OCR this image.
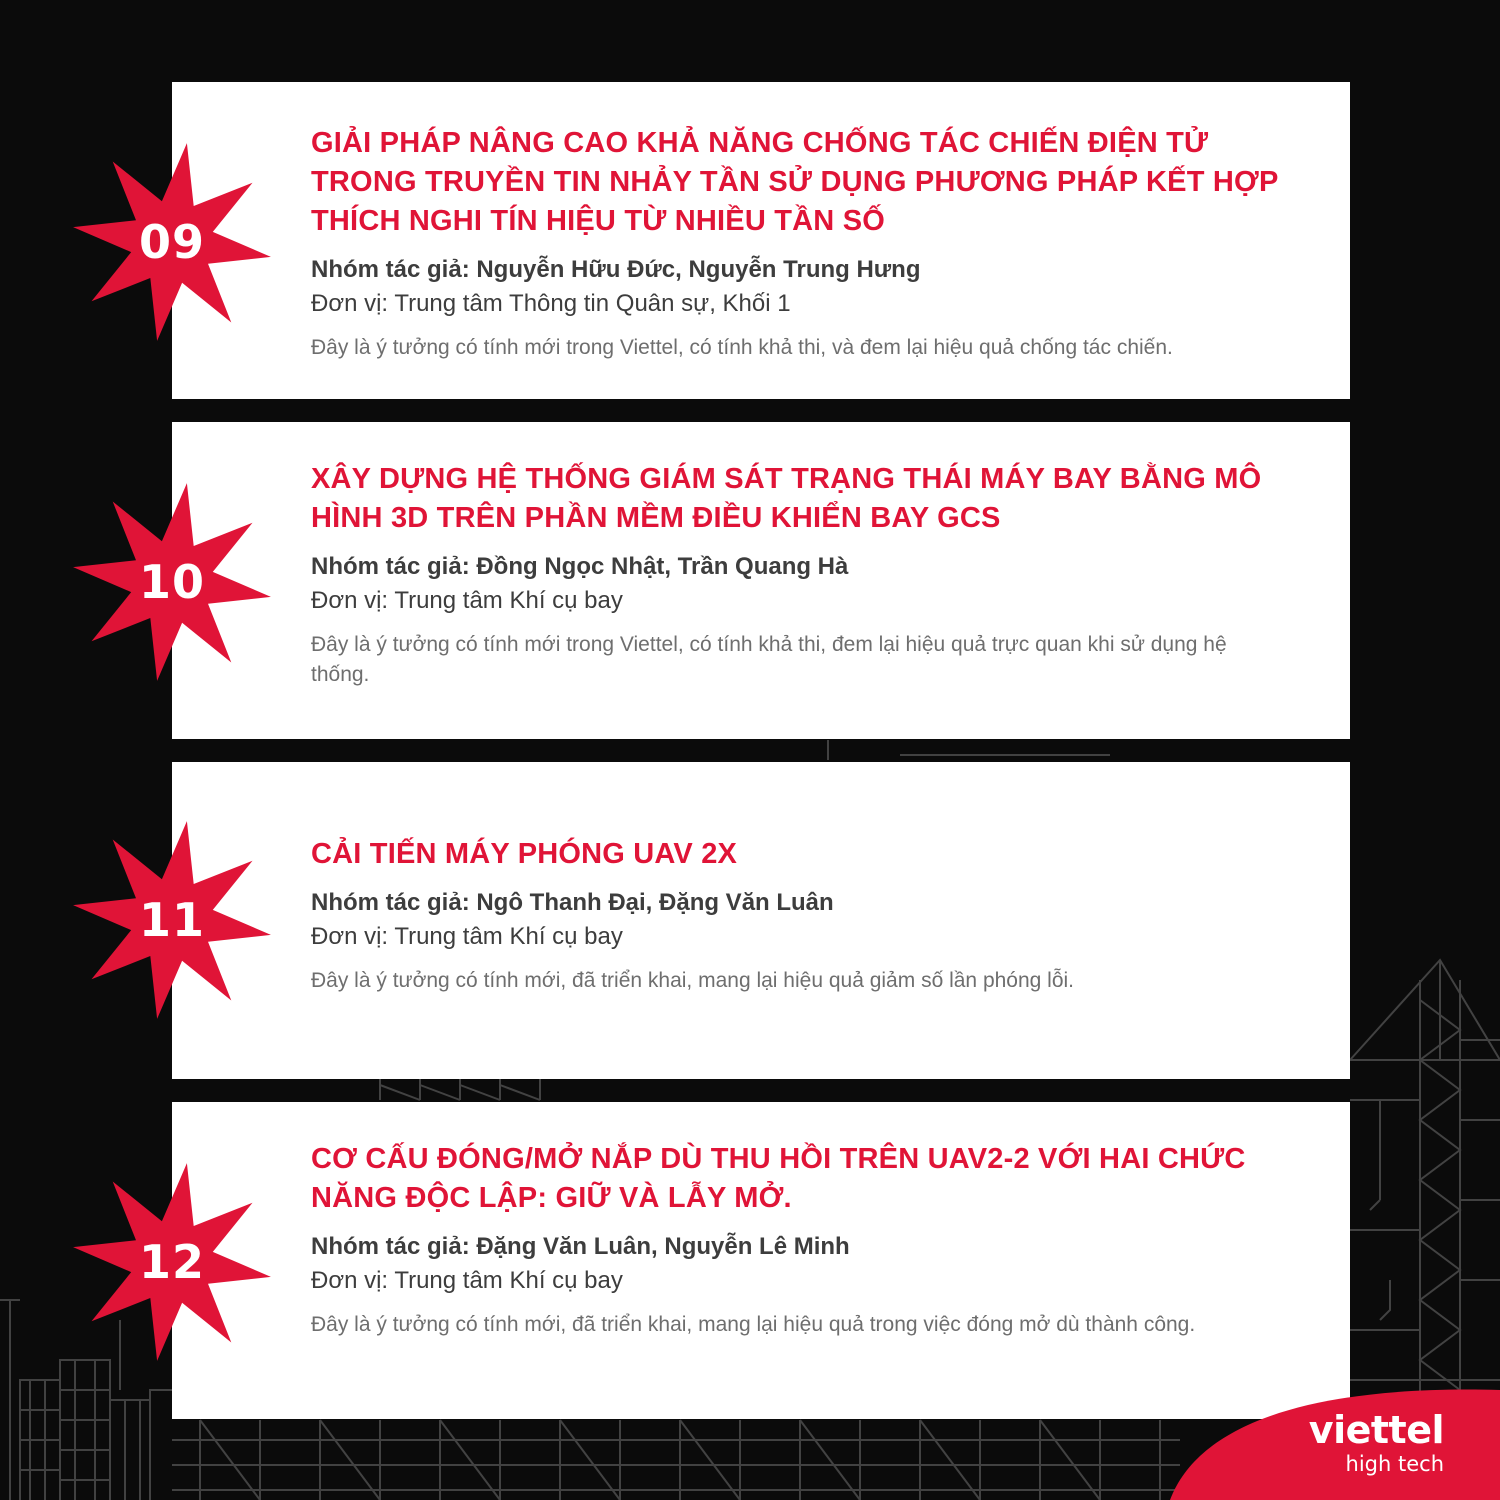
GIẢI PHÁP NÂNG CAO KHẢ NĂNG CHỐNG TÁC CHIẾN ĐIỆN TỬ TRONG TRUYỀN TIN NHẢY TẦN SỬ DỤNG PHƯƠNG PHÁP KẾT HỢP THÍCH NGHI TÍN HIỆU TỪ NHIỀU TẦN SỐ
Nhóm tác giả: Nguyễn Hữu Đức, Nguyễn Trung Hưng
Đơn vị: Trung tâm Thông tin Quân sự, Khối 1
Đây là ý tưởng có tính mới trong Viettel, có tính khả thi, và đem lại hiệu quả chống tác chiến.
XÂY DỰNG HỆ THỐNG GIÁM SÁT TRẠNG THÁI MÁY BAY BẰNG MÔ HÌNH 3D TRÊN PHẦN MỀM ĐIỀU KHIỂN BAY GCS
Nhóm tác giả: Đồng Ngọc Nhật, Trần Quang Hà
Đơn vị: Trung tâm Khí cụ bay
Đây là ý tưởng có tính mới trong Viettel, có tính khả thi, đem lại hiệu quả trực quan khi sử dụng hệ thống.
CẢI TIẾN MÁY PHÓNG UAV 2X
Nhóm tác giả: Ngô Thanh Đại, Đặng Văn Luân
Đơn vị: Trung tâm Khí cụ bay
Đây là ý tưởng có tính mới, đã triển khai, mang lại hiệu quả giảm số lần phóng lỗi.
CƠ CẤU ĐÓNG/MỞ NẮP DÙ THU HỒI TRÊN UAV2-2 VỚI HAI CHỨC NĂNG ĐỘC LẬP: GIỮ VÀ LẪY MỞ.
Nhóm tác giả: Đặng Văn Luân, Nguyễn Lê Minh
Đơn vị: Trung tâm Khí cụ bay
Đây là ý tưởng có tính mới, đã triển khai, mang lại hiệu quả trong việc đóng mở dù thành công.
09
10
11
12
viettel
high tech
